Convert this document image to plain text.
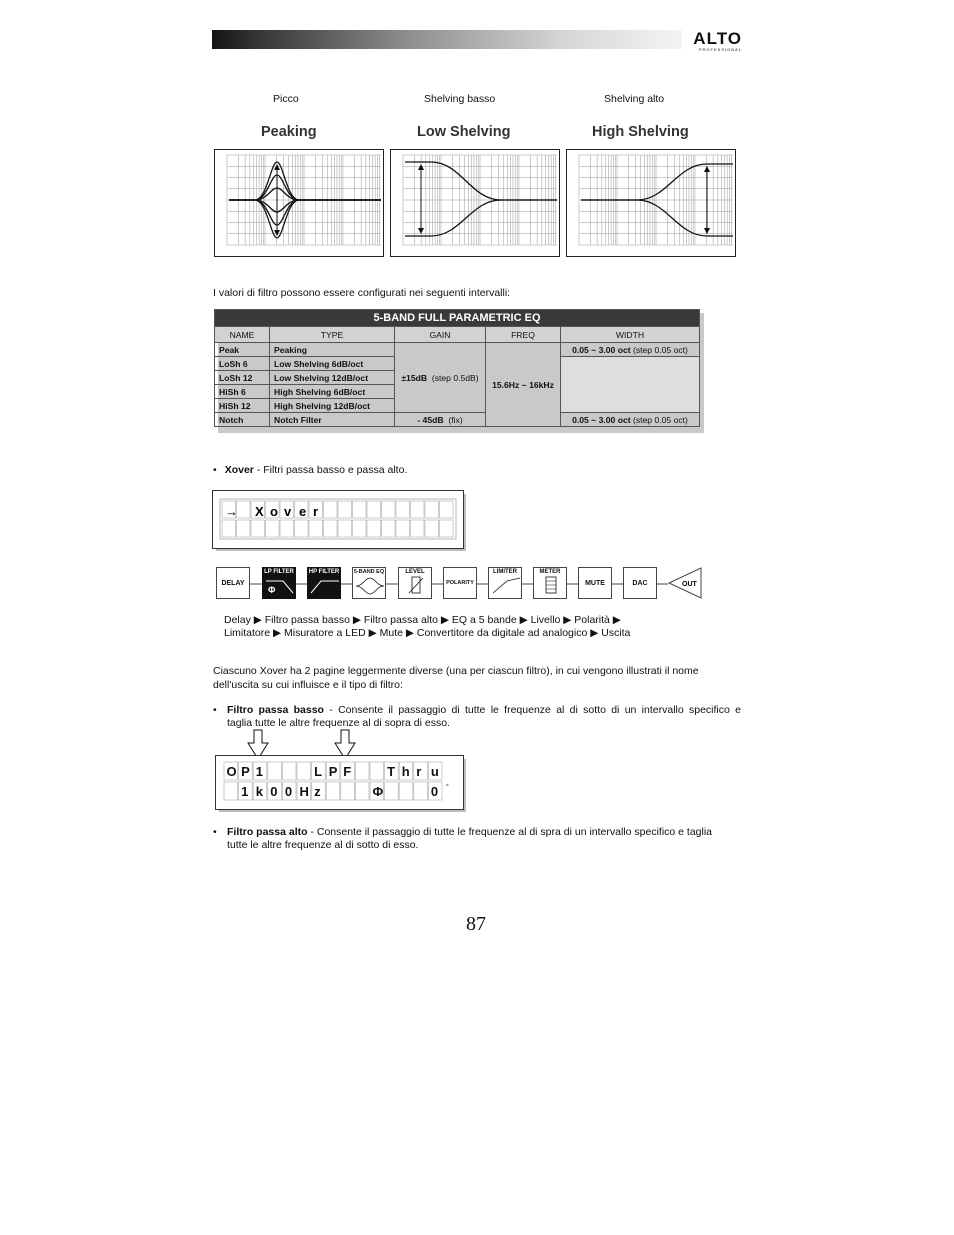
ALTO
PROFESSIONAL
Picco	Shelving basso	Shelving alto
Peaking	Low Shelving	High Shelving
I valori di filtro possono essere configurati nei seguenti intervalli:
5-BAND FULL PARAMETRIC EQ				
NAME	TYPE	GAIN	FREQ	WIDTH
Peak	Peaking	±15dB (step 0.5dB)	15.6Hz ~ 16kHz	0.05 ~ 3.00 oct (step 0.05 oct)
LoSh 6	Low Shelving 6dB/oct			
LoSh 12	Low Shelving 12dB/oct			
HiSh 6	High Shelving 6dB/oct			
HiSh 12	High Shelving 12dB/oct			
Notch	Notch Filter	- 45dB (fix)		0.05 ~ 3.00 oct (step 0.05 oct)
• Xover - Filtri passa basso e passa alto.
→ X o v e r
DELAY
LP FILTER
Φ
HP FILTER	5-BAND EQ	LEVEL
POLARITY
LIMITER	METER
MUTE	DAC	OUT
Delay ▶ Filtro passa basso ▶ Filtro passa alto ▶ EQ a 5 bande ▶ Livello ▶ Polarità ▶
Limitatore ▶ Misuratore a LED ▶ Mute ▶ Convertitore da digitale ad analogico ▶ Uscita
Ciascuno Xover ha 2 pagine leggermente diverse (una per ciascun filtro), in cui vengono illustrati il nome
dell'uscita su cui influisce e il tipo di filtro:
• Filtro passa basso - Consente il passaggio di tutte le frequenze al di sotto di un intervallo specifico e
taglia tutte le altre frequenze al di sopra di esso.
O P 1	L P F	T h r u
1 k 0 0 H z	Φ	0 °
• Filtro passa alto - Consente il passaggio di tutte le frequenze al di spra di un intervallo specifico e taglia
tutte le altre frequenze al di sotto di esso.
87
